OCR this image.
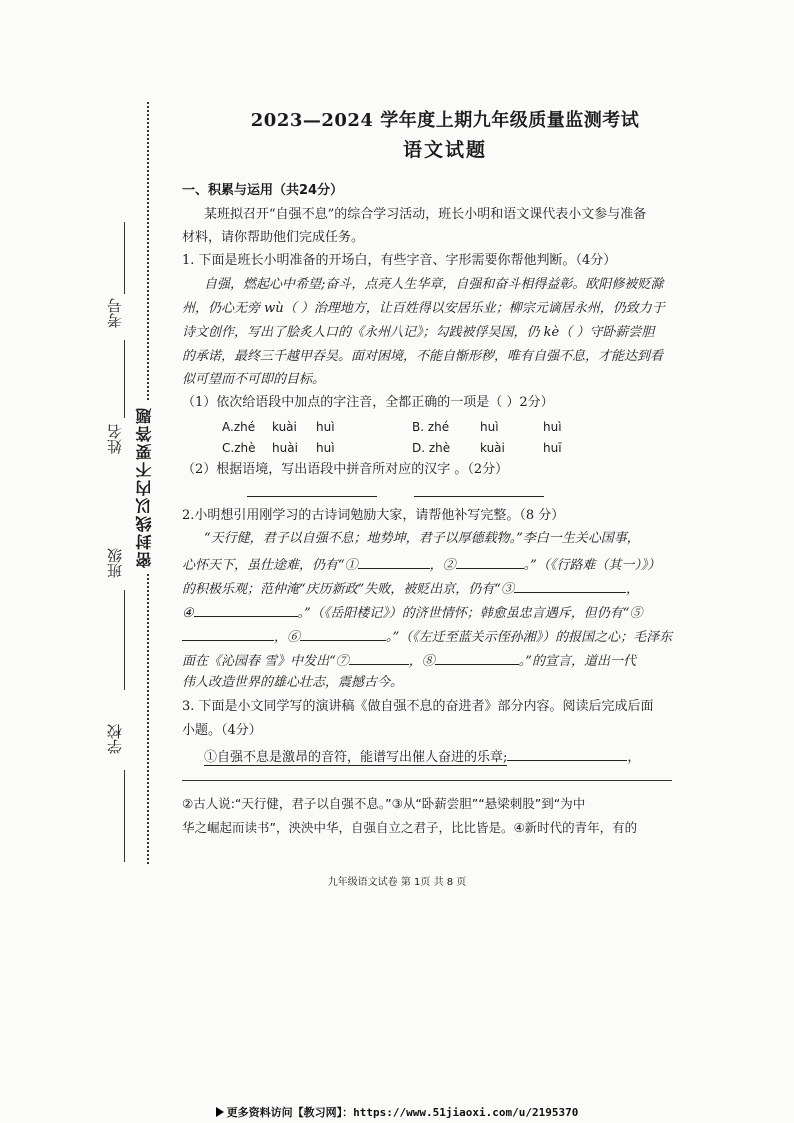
考号
姓名
班级
学校
密封线以内不要答题
2023—2024 学年度上期九年级质量监测考试
语文试题
一、积累与运用（共24分）
某班拟召开“自强不息”的综合学习活动，班长小明和语文课代表小文参与准备
材料，请你帮助他们完成任务。
1. 下面是班长小明准备的开场白，有些字音、字形需要你帮他判断。（4分）
自强，燃起心中希望;奋斗，点亮人生华章，自强和奋斗相得益彰。欧阳修被贬滁
州，仍心无旁 wù（ ）治理地方，让百姓得以安居乐业；柳宗元谪居永州，仍致力于
诗文创作，写出了脍炙人口的《永州八记》；勾践被俘吴国，仍 kè（ ）守卧薪尝胆
的承诺，最终三千越甲吞吴。面对困境，不能自惭形秽，唯有自强不息，才能达到看
似可望而不可即的目标。
（1）依次给语段中加点的字注音，全都正确的一项是（ ）2分）
A.zhé kuài huì	B. zhé	huì	huì
C.zhè huài huì	D. zhè kuài	huī
（2）根据语境，写出语段中拼音所对应的汉字 。（2分）
2.小明想引用刚学习的古诗词勉励大家，请帮他补写完整。（8 分）
“天行健，君子以自强不息；地势坤，君子以厚德载物。”李白一生关心国事，
心怀天下，虽仕途难，仍有“①	，②	。”（《行路难（其一）》）
的积极乐观；范仲淹“庆历新政”失败，被贬出京，仍有“③	，
④	。”（《岳阳楼记》）的济世情怀；韩愈虽忠言遇斥，但仍有“⑤
，⑥	。”（《左迁至蓝关示侄孙湘》）的报国之心；毛泽东
面在《沁园春 雪》中发出“⑦	，⑧	。”的宣言，道出一代
伟人改造世界的雄心壮志，震撼古今。
3. 下面是小文同学写的演讲稿《做自强不息的奋进者》部分内容。阅读后完成后面
小题。（4分）
①自强不息是激昂的音符，能谱写出催人奋进的乐章;	，
②古人说:“天行健，君子以自强不息。”③从“卧薪尝胆”“悬梁刺股”到“为中
华之崛起而读书”，泱泱中华，自强自立之君子，比比皆是。④新时代的青年，有的
九年级语文试卷 第 1页 共 8 页
更多资料访问【教习网】：https://www.51jiaoxi.com/u/2195370
